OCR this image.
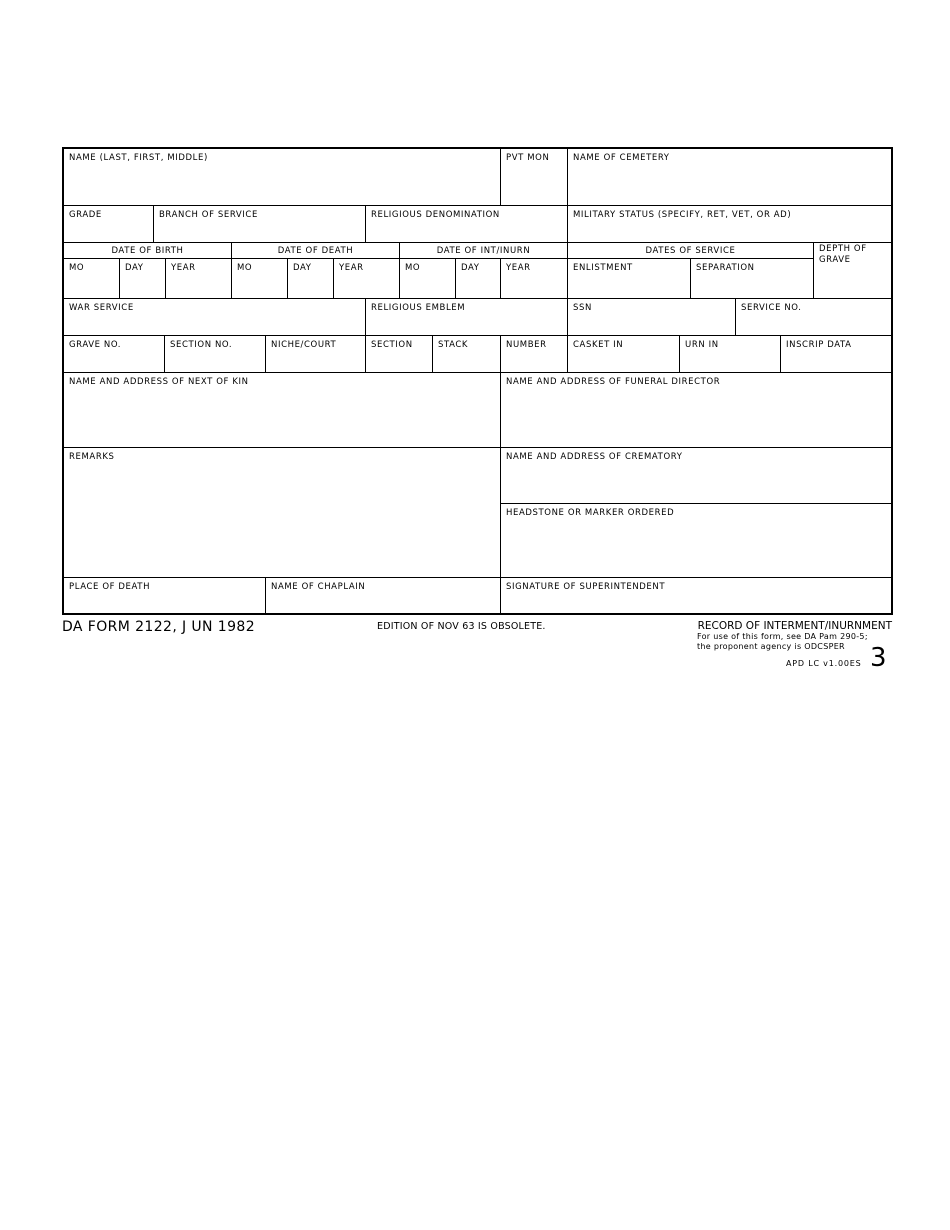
NAME (LAST, FIRST, MIDDLE)	PVT MON	NAME OF CEMETERY
GRADE	BRANCH OF SERVICE	RELIGIOUS DENOMINATION	MILITARY STATUS (SPECIFY, RET, VET, OR AD)
DATE OF BIRTH	DATE OF DEATH	DATE OF INT/INURN	DATES OF SERVICE	DEPTH OF GRAVE
MO	DAY	YEAR	MO	DAY	YEAR	MO	DAY	YEAR	ENLISTMENT	SEPARATION
WAR SERVICE	RELIGIOUS EMBLEM	SSN	SERVICE NO.
GRAVE NO.	SECTION NO.	NICHE/COURT	SECTION	STACK	NUMBER	CASKET IN	URN IN	INSCRIP DATA
NAME AND ADDRESS OF NEXT OF KIN	NAME AND ADDRESS OF FUNERAL DIRECTOR
REMARKS	NAME AND ADDRESS OF CREMATORY
HEADSTONE OR MARKER ORDERED
PLACE OF DEATH	NAME OF CHAPLAIN	SIGNATURE OF SUPERINTENDENT
DA FORM 2122, J UN 1982	EDITION OF NOV 63 IS OBSOLETE.	RECORD OF INTERMENT/INURNMENT
For use of this form, see DA Pam 290-5;
the proponent agency is ODCSPER
APD LC v1.00ES 3
